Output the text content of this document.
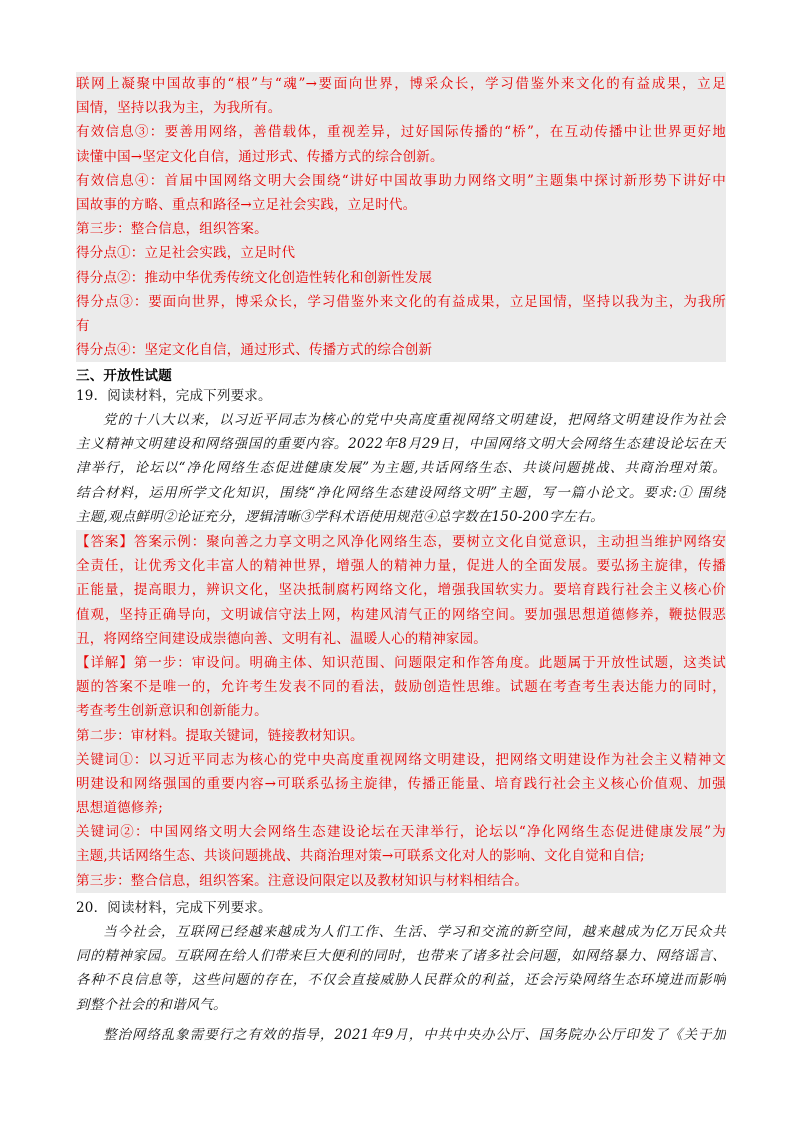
联网上凝聚中国故事的“根”与“魂”→要面向世界，博采众长，学习借鉴外来文化的有益成果，立足
国情，坚持以我为主，为我所有。
有效信息③：要善用网络，善借载体，重视差异，过好国际传播的“桥”，在互动传播中让世界更好地
读懂中国→坚定文化自信，通过形式、传播方式的综合创新。
有效信息④：首届中国网络文明大会围绕“讲好中国故事助力网络文明”主题集中探讨新形势下讲好中
国故事的方略、重点和路径→立足社会实践，立足时代。
第三步：整合信息，组织答案。
得分点①：立足社会实践，立足时代
得分点②：推动中华优秀传统文化创造性转化和创新性发展
得分点③：要面向世界，博采众长，学习借鉴外来文化的有益成果，立足国情，坚持以我为主，为我所
有
得分点④：坚定文化自信，通过形式、传播方式的综合创新
三、开放性试题
19．阅读材料，完成下列要求。
党的十八大以来，以习近平同志为核心的党中央高度重视网络文明建设，把网络文明建设作为社会
主义精神文明建设和网络强国的重要内容。2022年8月29日，中国网络文明大会网络生态建设论坛在天
津举行，论坛以“净化网络生态促进健康发展”为主题,共话网络生态、共谈问题挑战、共商治理对策。
结合材料，运用所学文化知识，围绕“净化网络生态建设网络文明”主题，写一篇小论文。要求:① 围绕
主题,观点鲜明②论证充分，逻辑清晰③学科术语使用规范④总字数在150-200字左右。
【答案】答案示例：聚向善之力享文明之风净化网络生态，要树立文化自觉意识，主动担当维护网络安
全责任，让优秀文化丰富人的精神世界，增强人的精神力量，促进人的全面发展。要弘扬主旋律，传播
正能量，提高眼力，辨识文化，坚决抵制腐朽网络文化，增强我国软实力。要培育践行社会主义核心价
值观，坚持正确导向，文明诚信守法上网，构建风清气正的网络空间。要加强思想道德修养，鞭挞假恶
丑，将网络空间建设成崇德向善、文明有礼、温暖人心的精神家园。
【详解】第一步：审设问。明确主体、知识范围、问题限定和作答角度。此题属于开放性试题，这类试
题的答案不是唯一的，允许考生发表不同的看法，鼓励创造性思维。试题在考查考生表达能力的同时，
考查考生创新意识和创新能力。
第二步：审材料。提取关键词，链接教材知识。
关键词①：以习近平同志为核心的党中央高度重视网络文明建设，把网络文明建设作为社会主义精神文
明建设和网络强国的重要内容→可联系弘扬主旋律，传播正能量、培育践行社会主义核心价值观、加强
思想道德修养;
关键词②：中国网络文明大会网络生态建设论坛在天津举行，论坛以“净化网络生态促进健康发展”为
主题,共话网络生态、共谈问题挑战、共商治理对策→可联系文化对人的影响、文化自觉和自信;
第三步：整合信息，组织答案。注意设问限定以及教材知识与材料相结合。
20．阅读材料，完成下列要求。
当今社会，互联网已经越来越成为人们工作、生活、学习和交流的新空间，越来越成为亿万民众共
同的精神家园。互联网在给人们带来巨大便利的同时，也带来了诸多社会问题，如网络暴力、网络谣言、
各种不良信息等，这些问题的存在，不仅会直接威胁人民群众的利益，还会污染网络生态环境进而影响
到整个社会的和谐风气。
整治网络乱象需要行之有效的指导，2021年9月，中共中央办公厅、国务院办公厅印发了《关于加
